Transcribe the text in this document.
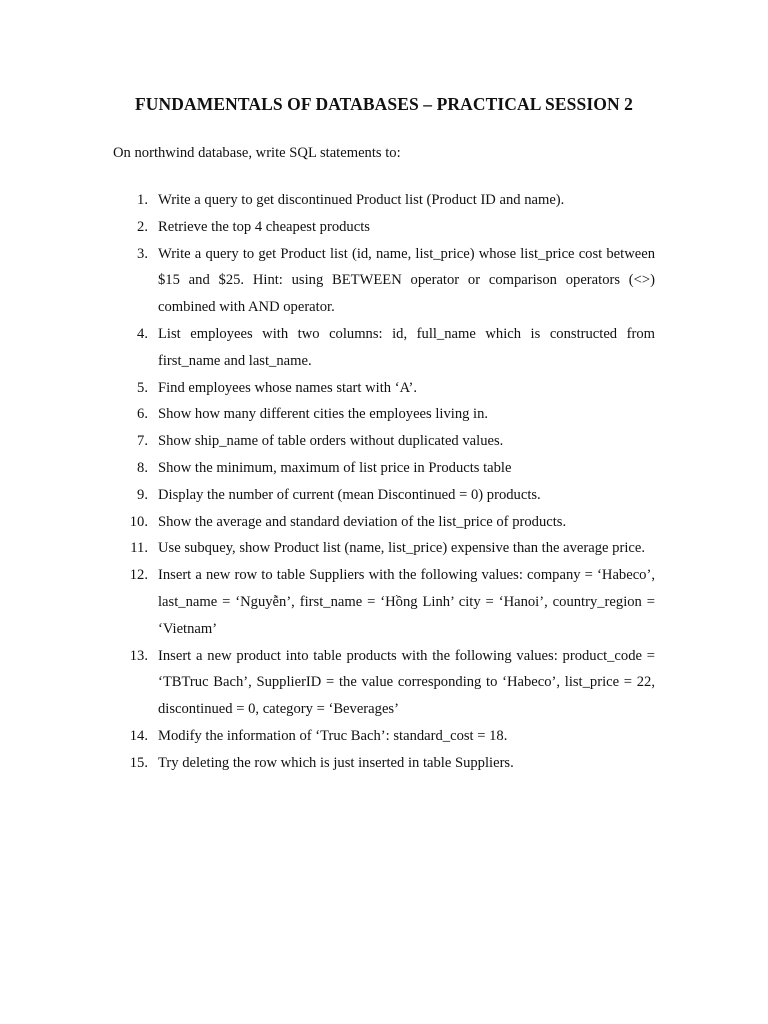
FUNDAMENTALS OF DATABASES – PRACTICAL SESSION 2

On northwind database, write SQL statements to:

1. Write a query to get discontinued Product list (Product ID and name).
2. Retrieve the top 4 cheapest products
3. Write a query to get Product list (id, name, list_price) whose list_price cost between $15 and $25. Hint: using BETWEEN operator or comparison operators (<>) combined with AND operator.
4. List employees with two columns: id, full_name which is constructed from first_name and last_name.
5. Find employees whose names start with ‘A’.
6. Show how many different cities the employees living in.
7. Show ship_name of table orders without duplicated values.
8. Show the minimum, maximum of list price in Products table
9. Display the number of current (mean Discontinued = 0) products.
10. Show the average and standard deviation of the list_price of products.
11. Use subquey, show Product list (name, list_price) expensive than the average price.
12. Insert a new row to table Suppliers with the following values: company = ‘Habeco’, last_name = ‘Nguyễn’, first_name = ‘Hồng Linh’ city = ‘Hanoi’, country_region = ‘Vietnam’
13. Insert a new product into table products with the following values: product_code = ‘TBTruc Bach’, SupplierID = the value corresponding to ‘Habeco’, list_price = 22, discontinued = 0, category = ‘Beverages’
14. Modify the information of ‘Truc Bach’: standard_cost = 18.
15. Try deleting the row which is just inserted in table Suppliers.
